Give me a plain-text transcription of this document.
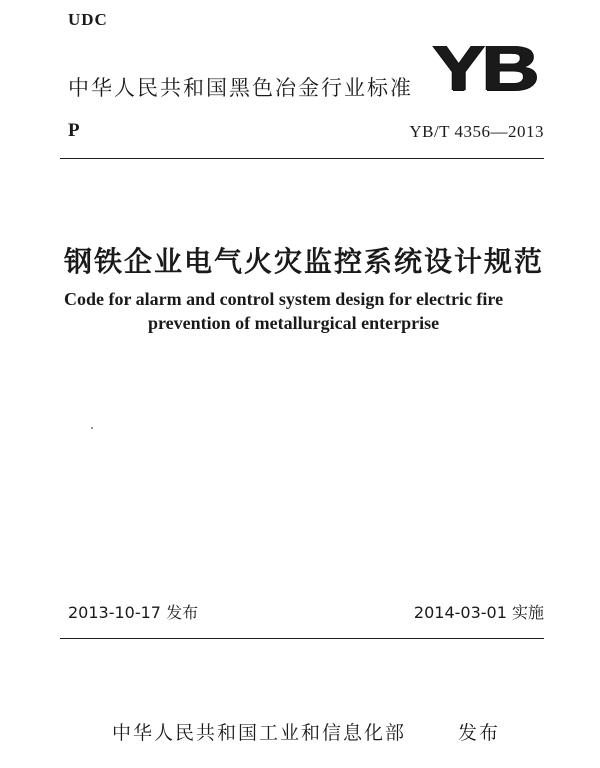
UDC
中华人民共和国黑色冶金行业标准 YB
P	YB/T 4356—2013
钢铁企业电气火灾监控系统设计规范
Code for alarm and control system design for electric fire
prevention of metallurgical enterprise
2013-10-17 发布	2014-03-01 实施
中华人民共和国工业和信息化部	发布
